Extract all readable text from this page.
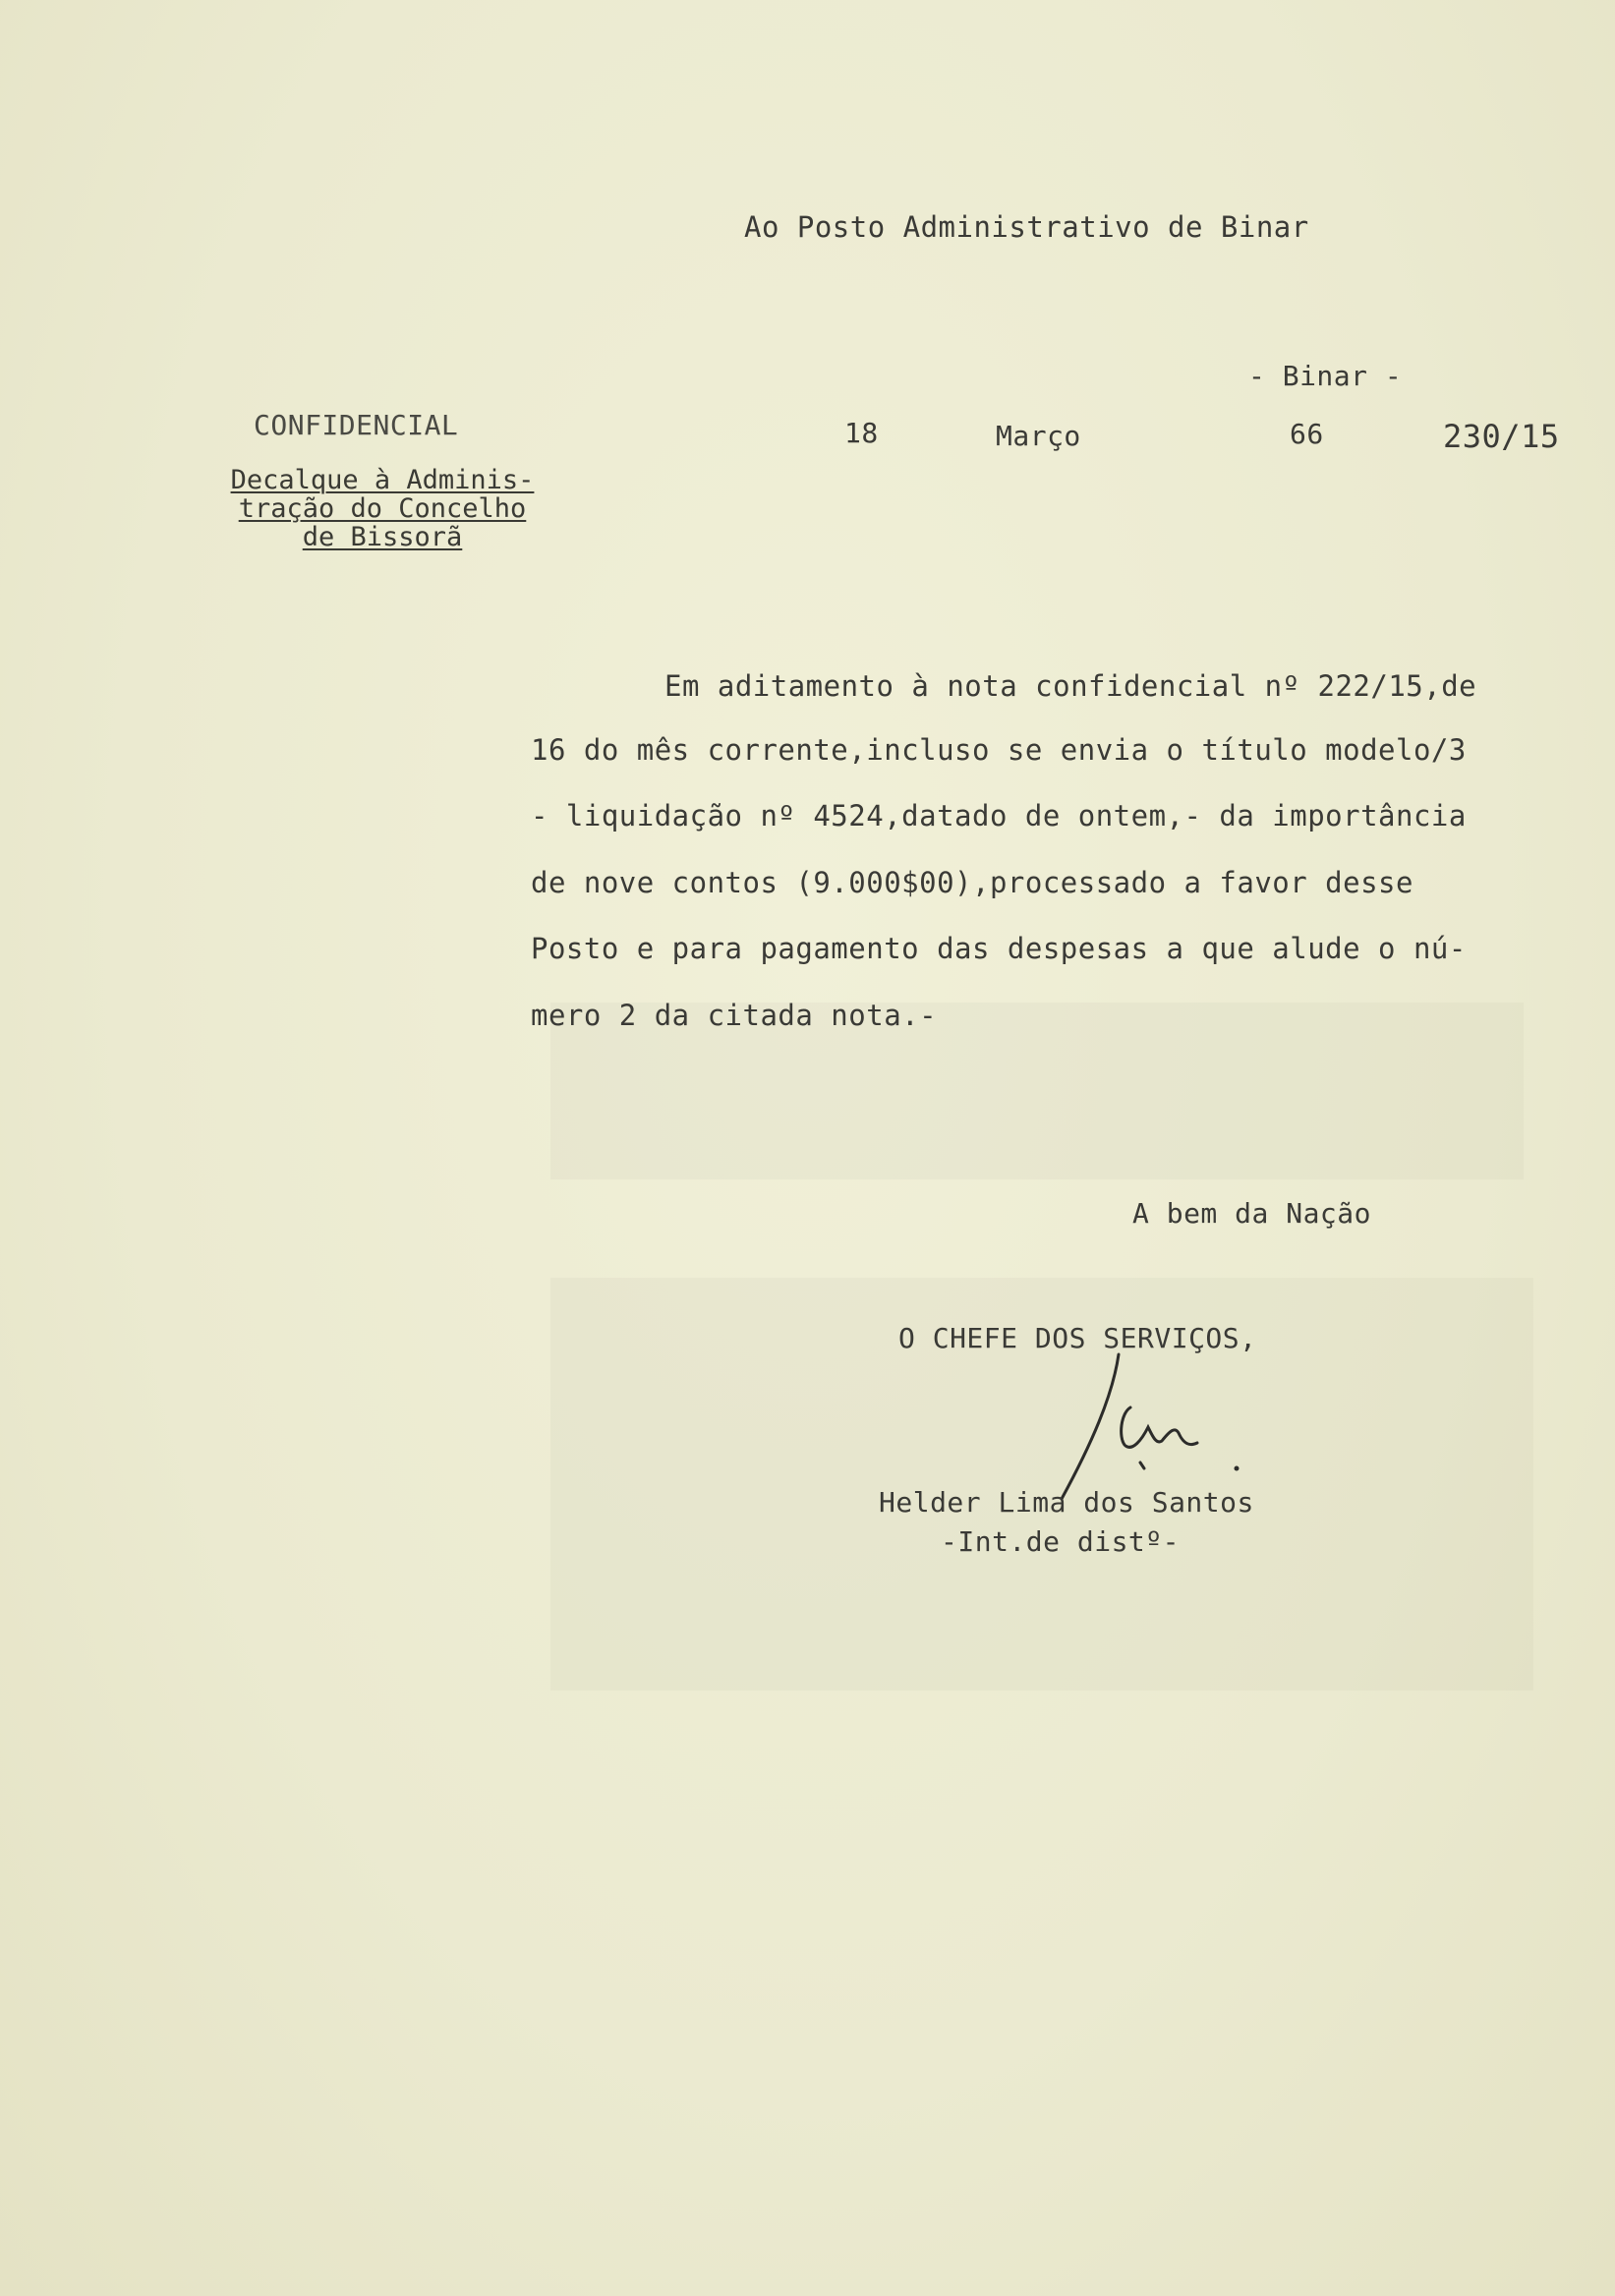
Ao Posto Administrativo de Binar
- Binar -
CONFIDENCIAL
Decalque à Adminis-
tração do Concelho
de Bissorã
18	Março	66	230/15
Em aditamento à nota confidencial nº 222/15,de
16 do mês corrente,incluso se envia o título modelo/3
- liquidação nº 4524,datado de ontem,- da importância
de nove contos (9.000$00),processado a favor desse
Posto e para pagamento das despesas a que alude o nú-
mero 2 da citada nota.-
A bem da Nação
O CHEFE DOS SERVIÇOS,
Helder Lima dos Santos
-Int.de distº-
